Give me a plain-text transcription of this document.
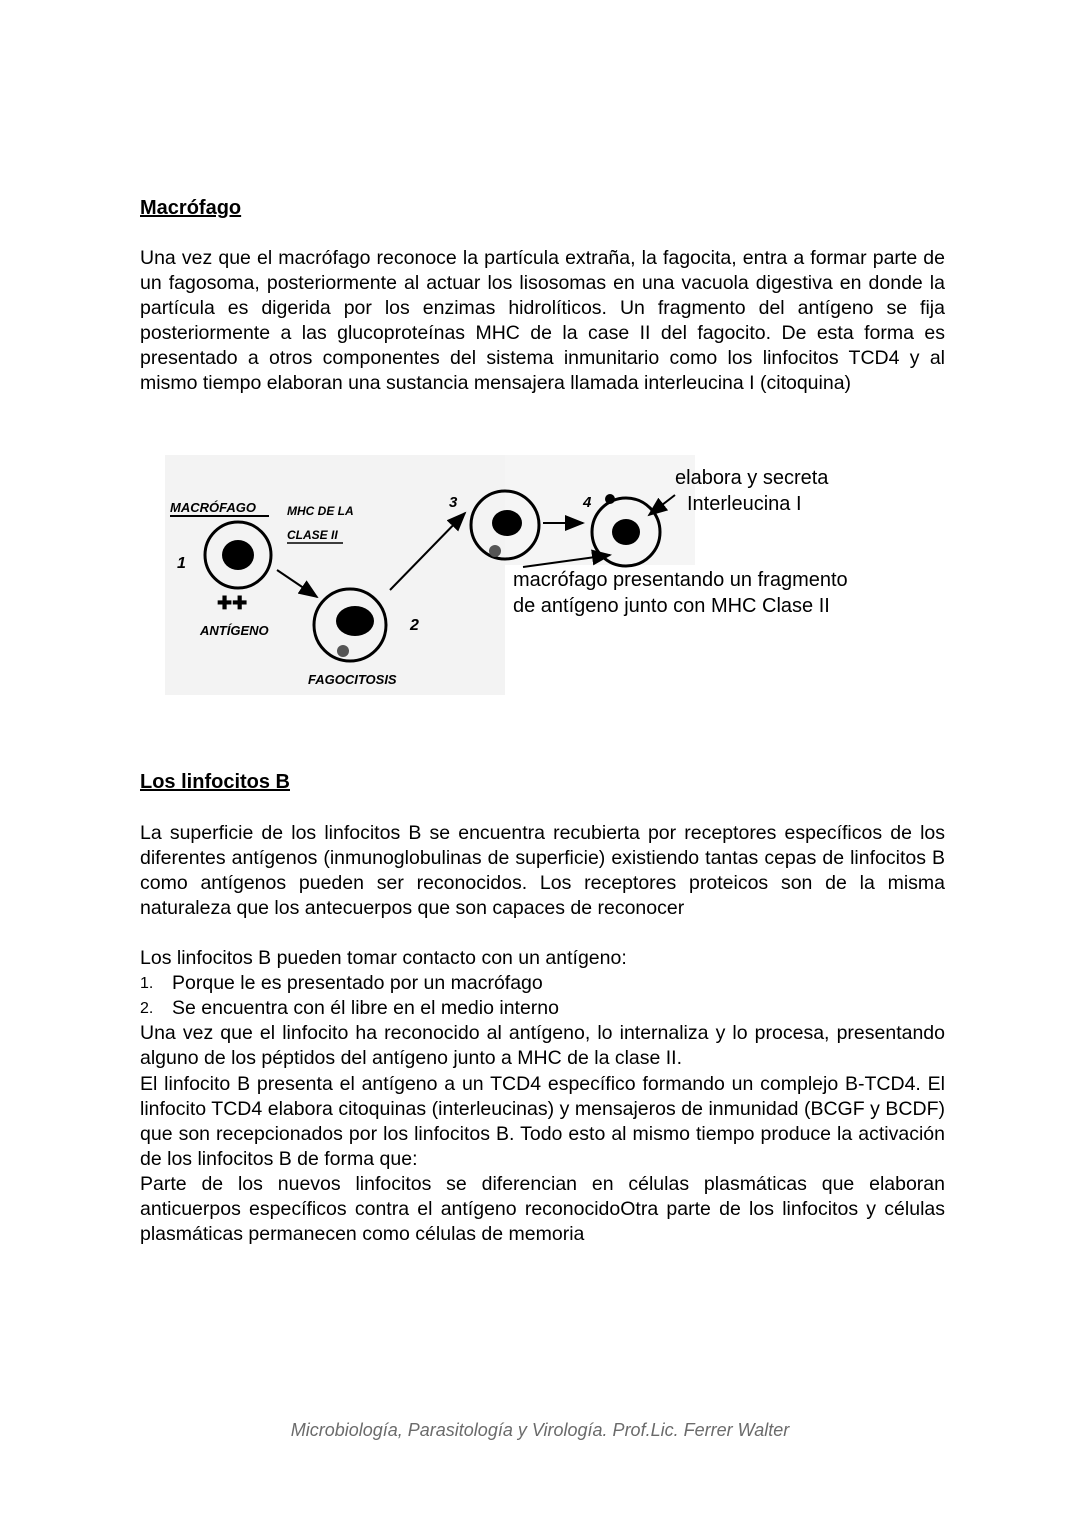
Macrófago

Una vez que el macrófago reconoce la partícula extraña, la fagocita, entra a formar parte de un fagosoma, posteriormente al actuar los lisosomas en una vacuola digestiva en donde la partícula es digerida por los enzimas hidrolíticos. Un fragmento del antígeno se fija posteriormente a las glucoproteínas MHC de la case II del fagocito. De esta forma es presentado a otros componentes del sistema inmunitario como los linfocitos TCD4 y al mismo tiempo elaboran una sustancia mensajera llamada interleucina I (citoquina)

MACRÓFAGO	MHC DE LA
CLASE II
1
✚✚
ANTÍGENO	2
FAGOCITOSIS
3	4
elabora y secreta
Interleucina I
macrófago presentando un fragmento
de antígeno junto con MHC Clase II
Los linfocitos B

La superficie de los linfocitos B se encuentra recubierta por receptores específicos de los diferentes antígenos (inmunoglobulinas de superficie) existiendo tantas cepas de linfocitos B como antígenos pueden ser reconocidos. Los receptores proteicos son de la misma naturaleza que los antecuerpos que son capaces de reconocer

Los linfocitos B pueden tomar contacto con un antígeno:

1. Porque le es presentado por un macrófago
2. Se encuentra con él libre en el medio interno

Una vez que el linfocito ha reconocido al antígeno, lo internaliza y lo procesa, presentando alguno de los péptidos del antígeno junto a MHC de la clase II.

El linfocito B presenta el antígeno a un TCD4 específico formando un complejo B-TCD4. El linfocito TCD4 elabora citoquinas (interleucinas) y mensajeros de inmunidad (BCGF y BCDF) que son recepcionados por los linfocitos B. Todo esto al mismo tiempo produce la activación de los linfocitos B de forma que:

Parte de los nuevos linfocitos se diferencian en células plasmáticas que elaboran anticuerpos específicos contra el antígeno reconocidoOtra parte de los linfocitos y células plasmáticas permanecen como células de memoria

Microbiología, Parasitología y Virología. Prof.Lic. Ferrer Walter
